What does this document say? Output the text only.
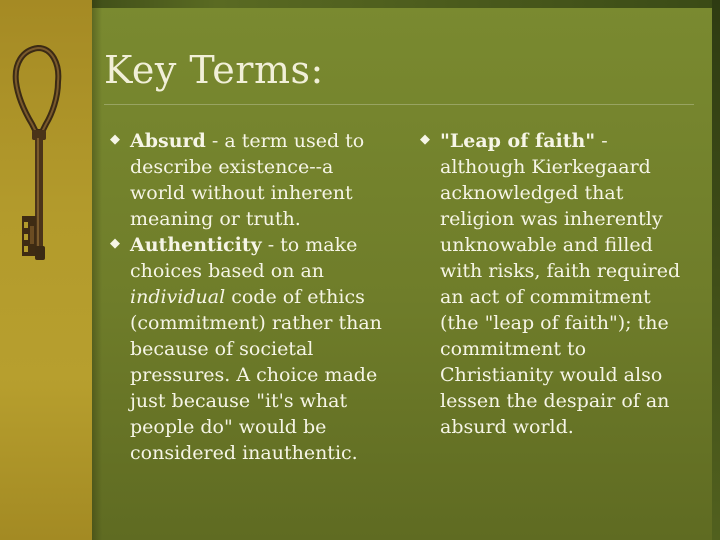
Key Terms:
◆ Absurd - a term used to describe existence--a world without inherent meaning or truth.
◆ Authenticity - to make choices based on an individual code of ethics (commitment) rather than because of societal pressures. A choice made just because "it's what people do" would be considered inauthentic.
◆ "Leap of faith" - although Kierkegaard acknowledged that religion was inherently unknowable and filled with risks, faith required an act of commitment (the "leap of faith"); the commitment to Christianity would also lessen the despair of an absurd world.
